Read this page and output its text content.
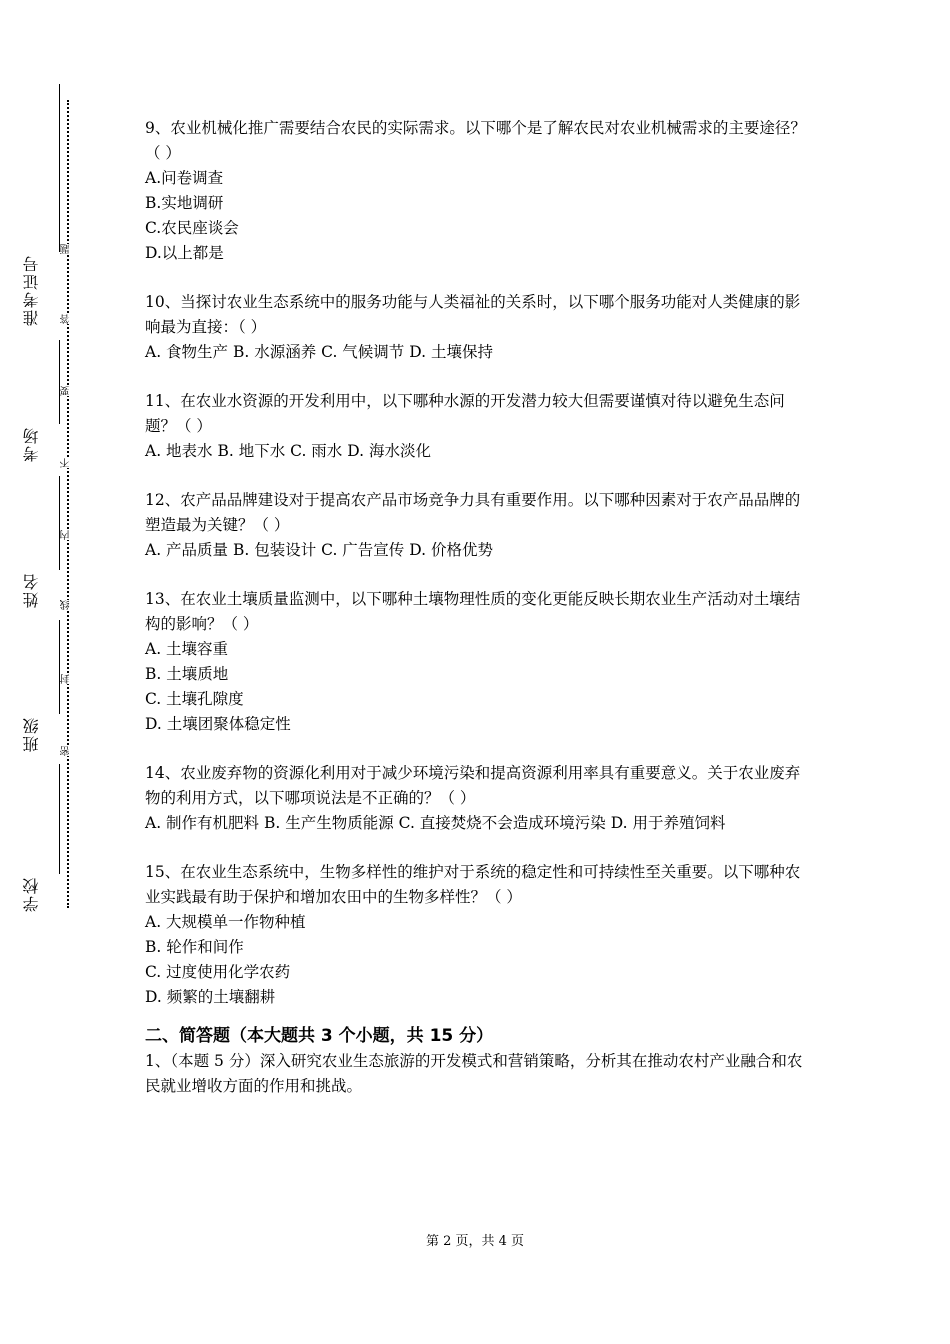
准考证号
考场
姓名
班级
学校
题
答
要
不
内
线
封
密

9、农业机械化推广需要结合农民的实际需求。以下哪个是了解农民对农业机械需求的主要途径？（ ）

A.问卷调查

B.实地调研

C.农民座谈会

D.以上都是

10、当探讨农业生态系统中的服务功能与人类福祉的关系时，以下哪个服务功能对人类健康的影响最为直接：（ ）

A. 食物生产 B. 水源涵养 C. 气候调节 D. 土壤保持

11、在农业水资源的开发利用中，以下哪种水源的开发潜力较大但需要谨慎对待以避免生态问题？（ ）

A. 地表水 B. 地下水 C. 雨水 D. 海水淡化

12、农产品品牌建设对于提高农产品市场竞争力具有重要作用。以下哪种因素对于农产品品牌的塑造最为关键？（ ）

A. 产品质量 B. 包装设计 C. 广告宣传 D. 价格优势

13、在农业土壤质量监测中，以下哪种土壤物理性质的变化更能反映长期农业生产活动对土壤结构的影响？（ ）

A. 土壤容重

B. 土壤质地

C. 土壤孔隙度

D. 土壤团聚体稳定性

14、农业废弃物的资源化利用对于减少环境污染和提高资源利用率具有重要意义。关于农业废弃物的利用方式，以下哪项说法是不正确的？（ ）

A. 制作有机肥料 B. 生产生物质能源 C. 直接焚烧不会造成环境污染 D. 用于养殖饲料

15、在农业生态系统中，生物多样性的维护对于系统的稳定性和可持续性至关重要。以下哪种农业实践最有助于保护和增加农田中的生物多样性？（ ）

A. 大规模单一作物种植

B. 轮作和间作

C. 过度使用化学农药

D. 频繁的土壤翻耕

二、简答题（本大题共 3 个小题，共 15 分）

1、（本题 5 分）深入研究农业生态旅游的开发模式和营销策略，分析其在推动农村产业融合和农民就业增收方面的作用和挑战。

第 2 页，共 4 页
